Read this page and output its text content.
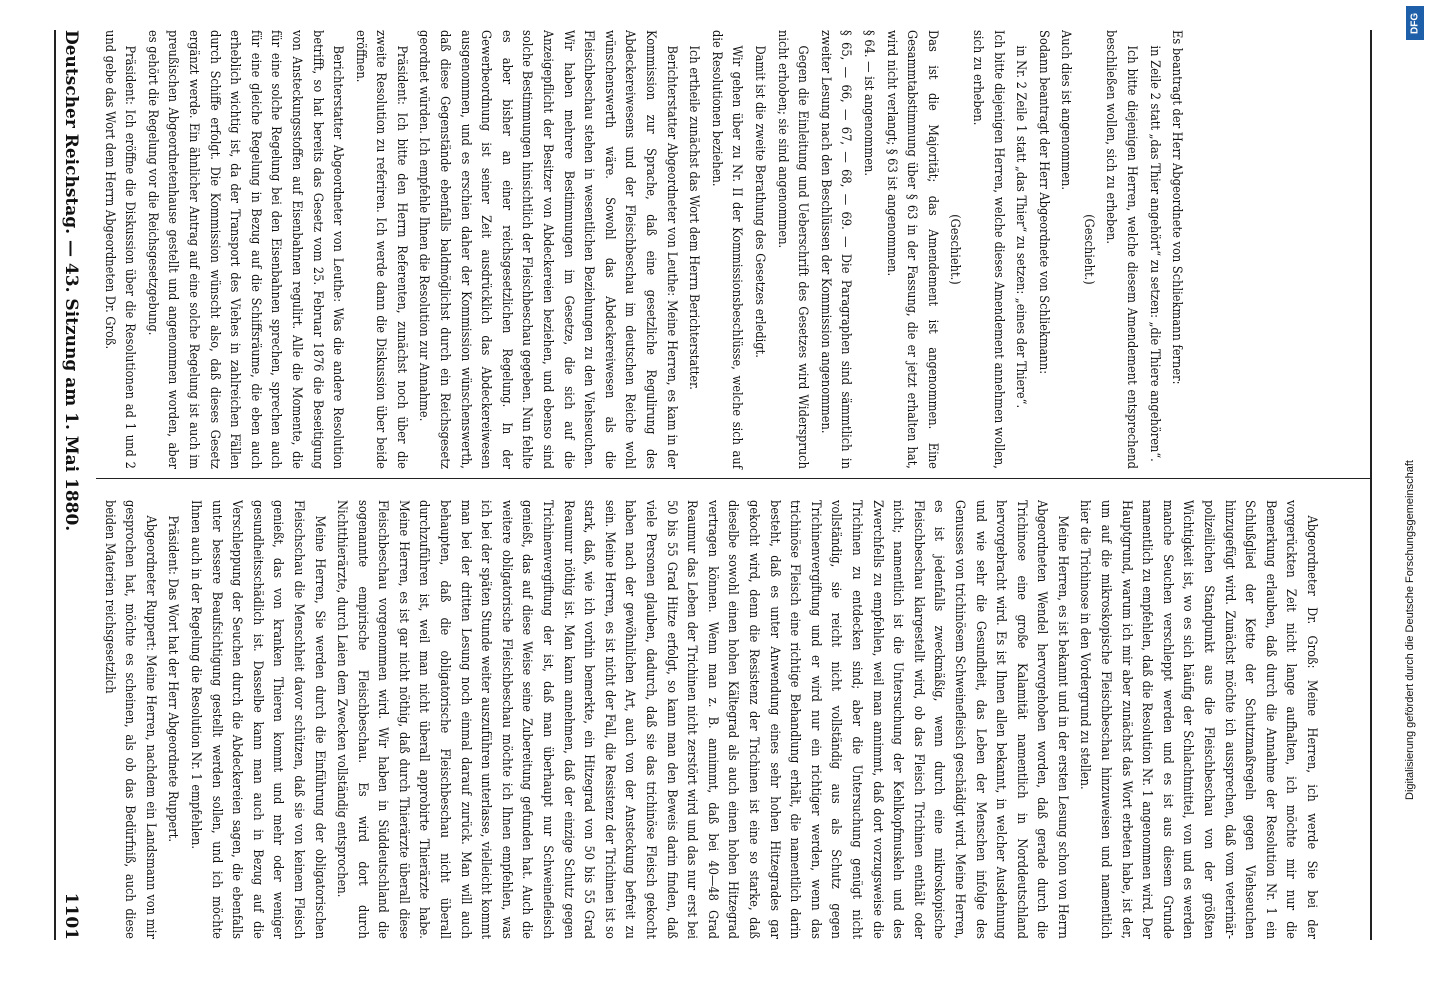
Deutscher Reichstag. — 43. Sitzung am 1. Mai 1880.
1101

Es beantragt der Herr Abgeordnete von Schliekmann ferner:

in Zeile 2 statt „das Thier angehört“ zu setzen: „die Thiere angehören“.

Ich bitte diejenigen Herren, welche diesem Amendement entsprechend beschließen wollen, sich zu erheben.

(Geschieht.)

Auch dies ist angenommen.

Sodann beantragt der Herr Abgeordnete von Schliekmann:

in Nr. 2 Zeile 1 statt „das Thier“ zu setzen: „eines der Thiere“.

Ich bitte diejenigen Herren, welche dieses Amendement annehmen wollen, sich zu erheben.

(Geschieht.)

Das ist die Majorität; das Amendement ist angenommen. Eine Gesammtabstimmung über § 63 in der Fassung, die er jetzt erhalten hat, wird nicht verlangt; § 63 ist angenommen.

§ 64. — ist angenommen.

§ 65, — 66, — 67, — 68, — 69. — Die Paragraphen sind sämmtlich in zweiter Lesung nach den Beschlüssen der Kommission angenommen.

Gegen die Einleitung und Ueberschrift des Gesetzes wird Widerspruch nicht erhoben; sie sind angenommen.

Damit ist die zweite Berathung des Gesetzes erledigt.

Wir gehen über zu Nr. II der Kommissionsbeschlüsse, welche sich auf die Resolutionen beziehen.

Ich ertheile zunächst das Wort dem Herrn Berichterstatter.

Berichterstatter Abgeordneter von Leuthe: Meine Herren, es kam in der Kommission zur Sprache, daß eine gesetzliche Regulirung des Abdeckereiwesens und der Fleischbeschau im deutschen Reiche wohl wünschenswerth wäre. Sowohl das Abdeckereiwesen als die Fleischbeschau stehen in wesentlichen Beziehungen zu den Viehseuchen. Wir haben mehrere Bestimmungen im Gesetze, die sich auf die Anzeigepflicht der Besitzer von Abdeckereien beziehen, und ebenso sind solche Bestimmungen hinsichtlich der Fleischbeschau gegeben. Nun fehlte es aber bisher an einer reichsgesetzlichen Regelung. In der Gewerbeordnung ist seiner Zeit ausdrücklich das Abdeckereiwesen ausgenommen, und es erschien daher der Kommission wünschenswerth, daß diese Gegenstände ebenfalls baldmöglichst durch ein Reichsgesetz geordnet würden. Ich empfehle Ihnen die Resolution zur Annahme.

Präsident: Ich bitte den Herrn Referenten, zunächst noch über die zweite Resolution zu referiren. Ich werde dann die Diskussion über beide eröffnen.

Berichterstatter Abgeordneter von Leuthe: Was die andere Resolution betrifft, so hat bereits das Gesetz vom 25. Februar 1876 die Beseitigung von Ansteckungsstoffen auf Eisenbahnen regulirt. Alle die Momente, die für eine solche Regelung bei den Eisenbahnen sprechen, sprechen auch für eine gleiche Regelung in Bezug auf die Schiffsräume, die eben auch erheblich wichtig ist, da der Transport des Viehes in zahlreichen Fällen durch Schiffe erfolgt. Die Kommission wünscht also, daß dieses Gesetz ergänzt werde. Ein ähnlicher Antrag auf eine solche Regelung ist auch im preußischen Abgeordnetenhause gestellt und angenommen worden, aber es gehört die Regelung vor die Reichsgesetzgebung.

Präsident: Ich eröffne die Diskussion über die Resolutionen ad 1 und 2 und gebe das Wort dem Herrn Abgeordneten Dr. Groß.

Abgeordneter Dr. Groß: Meine Herren, ich werde Sie bei der vorgerückten Zeit nicht lange aufhalten, ich möchte mir nur die Bemerkung erlauben, daß durch die Annahme der Resolution Nr. 1 ein Schlußglied der Kette der Schutzmaßregeln gegen Viehseuchen hinzugefügt wird. Zunächst möchte ich aussprechen, daß vom veterinär-polizeilichen Standpunkt aus die Fleischbeschau von der größten Wichtigkeit ist, wo es sich häufig der Schlachtmittel, von und es werden manche Seuchen verschleppt werden und es ist aus diesem Grunde namentlich zu empfehlen, daß die Resolution Nr. 1 angenommen wird. Der Hauptgrund, warum ich mir aber zunächst das Wort erbeten habe, ist der, um auf die mikroskopische Fleischbeschau hinzuweisen und namentlich hier die Trichinose in den Vordergrund zu stellen.

Meine Herren, es ist bekannt und in der ersten Lesung schon von Herrn Abgeordneten Wendel hervorgehoben worden, daß gerade durch die Trichinose eine große Kalamität namentlich in Norddeutschland hervorgebracht wird. Es ist Ihnen allen bekannt, in welcher Ausdehnung und wie sehr die Gesundheit, das Leben der Menschen infolge des Genusses von trichinösem Schweinefleisch geschädigt wird. Meine Herren, es ist jedenfalls zweckmäßig, wenn durch eine mikroskopische Fleischbeschau klargestellt wird, ob das Fleisch Trichinen enthält oder nicht; namentlich ist die Untersuchung der Kehlkopfmuskeln und des Zwerchfells zu empfehlen, weil man annimmt, daß dort vorzugsweise die Trichinen zu entdecken sind; aber die Untersuchung genügt nicht vollständig, sie reicht nicht vollständig aus als Schutz gegen Trichinenvergiftung und er wird nur ein richtiger werden, wenn das trichinöse Fleisch eine richtige Behandlung erhält, die namentlich darin besteht, daß es unter Anwendung eines sehr hohen Hitzegrades gar gekocht wird, denn die Resistenz der Trichinen ist eine so starke, daß dieselbe sowohl einen hohen Kältegrad als auch einen hohen Hitzegrad vertragen können. Wenn man z. B. annimmt, daß bei 40—48 Grad Reaumur das Leben der Trichinen nicht zerstört wird und das nur erst bei 50 bis 55 Grad Hitze erfolgt, so kann man den Beweis darin finden, daß viele Personen glauben, dadurch, daß sie das trichinöse Fleisch gekocht haben nach der gewöhnlichen Art, auch von der Ansteckung befreit zu sein. Meine Herren, es ist nicht der Fall, die Resistenz der Trichinen ist so stark, daß, wie ich vorhin bemerkte, ein Hitzegrad von 50 bis 55 Grad Reaumur nöthig ist. Man kann annehmen, daß der einzige Schutz gegen Trichinenvergiftung der ist, daß man überhaupt nur Schweinefleisch genießt, das auf diese Weise seine Zubereitung gefunden hat. Auch die weitere obligatorische Fleischbeschau möchte ich Ihnen empfehlen, was ich bei der späten Stunde weiter auszuführen unterlasse, vielleicht kommt man bei der dritten Lesung noch einmal darauf zurück. Man will auch behaupten, daß die obligatorische Fleischbeschau nicht überall durchzuführen ist, weil man nicht überall approbirte Thierärzte habe. Meine Herren, es ist gar nicht nöthig, daß durch Thierärzte überall diese Fleischbeschau vorgenommen wird. Wir haben in Süddeutschland die sogenannte empirische Fleischbeschau. Es wird dort durch Nichtthierärzte, durch Laien dem Zwecken vollständig entsprochen.

Meine Herren, Sie werden durch die Einführung der obligatorischen Fleischschau die Menschheit davor schützen, daß sie von keinem Fleisch genießt, das von kranken Thieren kommt und mehr oder weniger gesundheitsschädlich ist. Dasselbe kann man auch in Bezug auf die Verschleppung der Seuchen durch die Abdeckereien sagen, die ebenfalls unter bessere Beaufsichtigung gestellt werden sollen, und ich möchte Ihnen auch in der Regelung die Resolution Nr. 1 empfehlen.

Präsident: Das Wort hat der Herr Abgeordnete Ruppert.

Abgeordneter Ruppert: Meine Herren, nachdem ein Landsmann von mir gesprochen hat, möchte es scheinen, als ob das Bedürfniß, auch diese beiden Materien reichsgesetzlich

DFG
Digitalisierung gefördert durch die Deutsche Forschungsgemeinschaft
